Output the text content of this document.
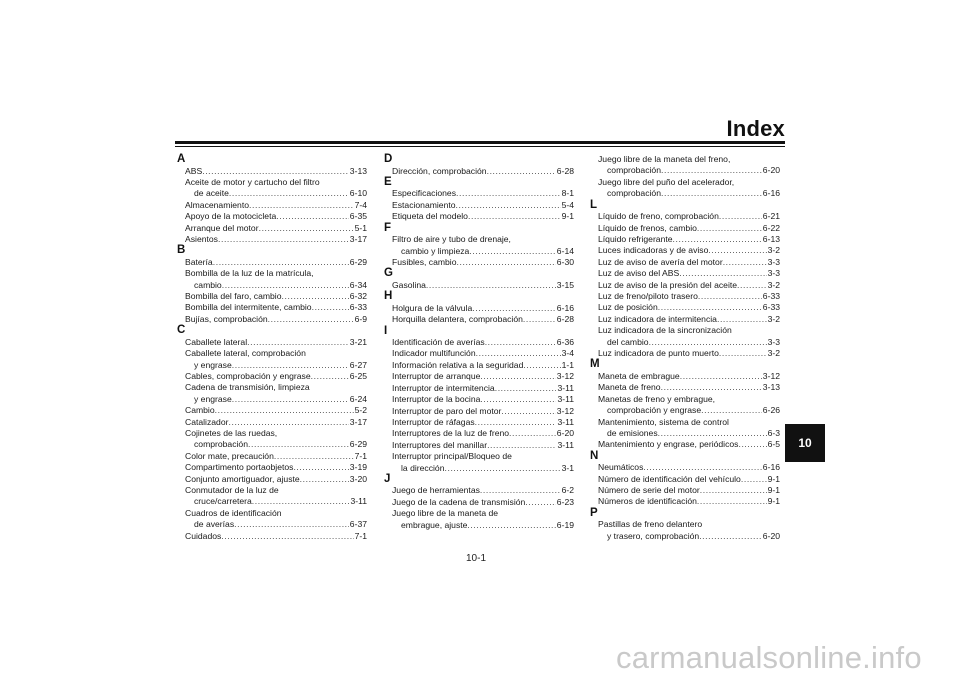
Index
A
ABS .....	3-13
Aceite de motor y cartucho del filtro
de aceite .....	6-10
Almacenamiento .....	7-4
Apoyo de la motocicleta .....	6-35
Arranque del motor .....	5-1
Asientos .....	3-17
B
Batería .....	6-29
Bombilla de la luz de la matrícula,
cambio .....	6-34
Bombilla del faro, cambio .....	6-32
Bombilla del intermitente, cambio .....	6-33
Bujías, comprobación .....	6-9
C
Caballete lateral .....	3-21
Caballete lateral, comprobación
y engrase .....	6-27
Cables, comprobación y engrase .....	6-25
Cadena de transmisión, limpieza
y engrase .....	6-24
Cambio .....	5-2
Catalizador .....	3-17
Cojinetes de las ruedas,
comprobación .....	6-29
Color mate, precaución .....	7-1
Compartimento portaobjetos .....	3-19
Conjunto amortiguador, ajuste .....	3-20
Conmutador de la luz de
cruce/carretera .....	3-11
Cuadros de identificación
de averías .....	6-37
Cuidados .....	7-1
D
Dirección, comprobación .....	6-28
E
Especificaciones .....	8-1
Estacionamiento .....	5-4
Etiqueta del modelo .....	9-1
F
Filtro de aire y tubo de drenaje,
cambio y limpieza .....	6-14
Fusibles, cambio .....	6-30
G
Gasolina .....	3-15
H
Holgura de la válvula .....	6-16
Horquilla delantera, comprobación .....	6-28
I
Identificación de averías .....	6-36
Indicador multifunción .....	3-4
Información relativa a la seguridad .....	1-1
Interruptor de arranque .....	3-12
Interruptor de intermitencia .....	3-11
Interruptor de la bocina .....	3-11
Interruptor de paro del motor .....	3-12
Interruptor de ráfagas .....	3-11
Interruptores de la luz de freno .....	6-20
Interruptores del manillar .....	3-11
Interruptor principal/Bloqueo de
la dirección .....	3-1
J
Juego de herramientas .....	6-2
Juego de la cadena de transmisión .....	6-23
Juego libre de la maneta de
embrague, ajuste .....	6-19
Juego libre de la maneta del freno,
comprobación .....	6-20
Juego libre del puño del acelerador,
comprobación .....	6-16
L
Líquido de freno, comprobación .....	6-21
Líquido de frenos, cambio .....	6-22
Líquido refrigerante .....	6-13
Luces indicadoras y de aviso .....	3-2
Luz de aviso de avería del motor .....	3-3
Luz de aviso del ABS .....	3-3
Luz de aviso de la presión del aceite .....	3-2
Luz de freno/piloto trasero .....	6-33
Luz de posición .....	6-33
Luz indicadora de intermitencia .....	3-2
Luz indicadora de la sincronización
del cambio .....	3-3
Luz indicadora de punto muerto .....	3-2
M
Maneta de embrague .....	3-12
Maneta de freno .....	3-13
Manetas de freno y embrague,
comprobación y engrase .....	6-26
Mantenimiento, sistema de control
de emisiones .....	6-3
Mantenimiento y engrase, periódicos .....	6-5
N
Neumáticos .....	6-16
Número de identificación del vehículo .....	9-1
Número de serie del motor .....	9-1
Números de identificación .....	9-1
P
Pastillas de freno delantero
y trasero, comprobación .....	6-20
10
10-1
carmanualsonline.info
